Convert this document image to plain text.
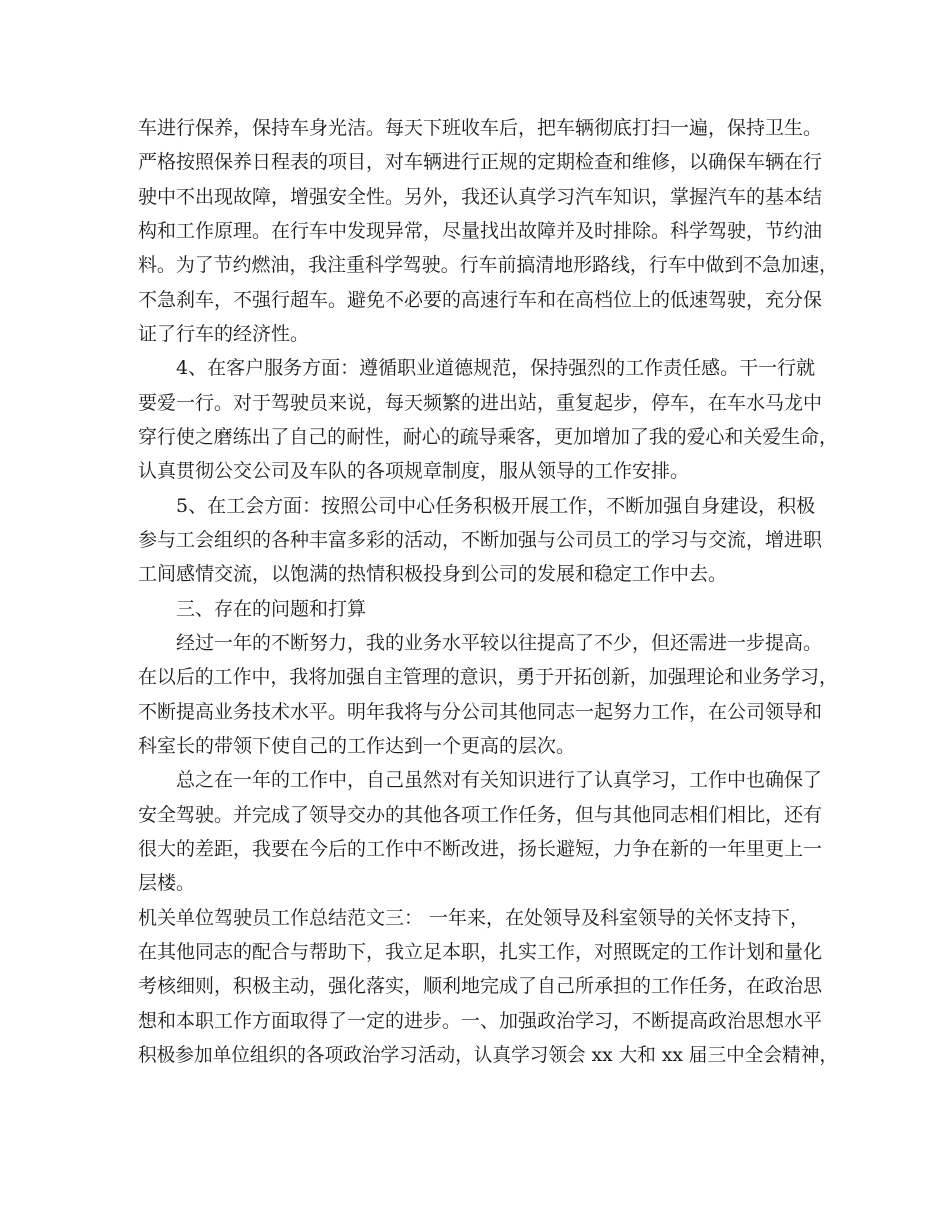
车进行保养，保持车身光洁。每天下班收车后，把车辆彻底打扫一遍，保持卫生。

严格按照保养日程表的项目，对车辆进行正规的定期检查和维修，以确保车辆在行

驶中不出现故障，增强安全性。另外，我还认真学习汽车知识，掌握汽车的基本结

构和工作原理。在行车中发现异常，尽量找出故障并及时排除。科学驾驶，节约油

料。为了节约燃油，我注重科学驾驶。行车前搞清地形路线，行车中做到不急加速，

不急刹车，不强行超车。避免不必要的高速行车和在高档位上的低速驾驶，充分保

证了行车的经济性。

4、在客户服务方面：遵循职业道德规范，保持强烈的工作责任感。干一行就

要爱一行。对于驾驶员来说，每天频繁的进出站，重复起步，停车，在车水马龙中

穿行使之磨练出了自己的耐性，耐心的疏导乘客，更加增加了我的爱心和关爱生命，

认真贯彻公交公司及车队的各项规章制度，服从领导的工作安排。

5、在工会方面：按照公司中心任务积极开展工作，不断加强自身建设，积极

参与工会组织的各种丰富多彩的活动，不断加强与公司员工的学习与交流，增进职

工间感情交流，以饱满的热情积极投身到公司的发展和稳定工作中去。

三、存在的问题和打算

经过一年的不断努力，我的业务水平较以往提高了不少，但还需进一步提高。

在以后的工作中，我将加强自主管理的意识，勇于开拓创新，加强理论和业务学习，

不断提高业务技术水平。明年我将与分公司其他同志一起努力工作，在公司领导和

科室长的带领下使自己的工作达到一个更高的层次。

总之在一年的工作中，自己虽然对有关知识进行了认真学习，工作中也确保了

安全驾驶。并完成了领导交办的其他各项工作任务，但与其他同志相们相比，还有

很大的差距，我要在今后的工作中不断改进，扬长避短，力争在新的一年里更上一

层楼。

机关单位驾驶员工作总结范文三： 一年来，在处领导及科室领导的关怀支持下，

在其他同志的配合与帮助下，我立足本职，扎实工作，对照既定的工作计划和量化

考核细则，积极主动，强化落实，顺利地完成了自己所承担的工作任务，在政治思

想和本职工作方面取得了一定的进步。一、加强政治学习，不断提高政治思想水平

积极参加单位组织的各项政治学习活动，认真学习领会 xx 大和 xx 届三中全会精神，
